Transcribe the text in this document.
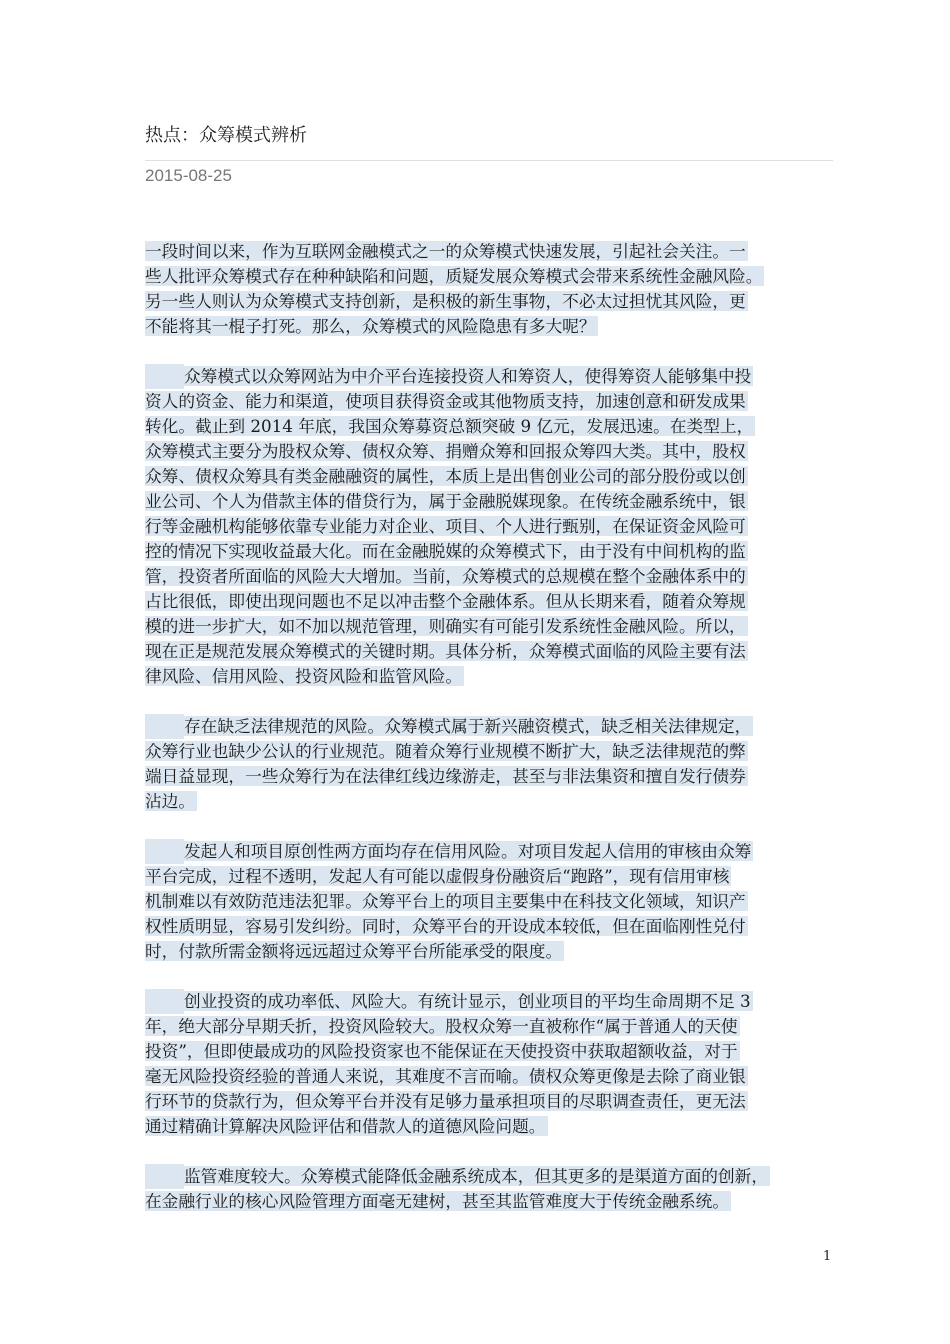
热点：众筹模式辨析
2015-08-25
一段时间以来，作为互联网金融模式之一的众筹模式快速发展，引起社会关注。一
些人批评众筹模式存在种种缺陷和问题，质疑发展众筹模式会带来系统性金融风险。
另一些人则认为众筹模式支持创新，是积极的新生事物，不必太过担忧其风险，更
不能将其一棍子打死。那么，众筹模式的风险隐患有多大呢？
众筹模式以众筹网站为中介平台连接投资人和筹资人，使得筹资人能够集中投
资人的资金、能力和渠道，使项目获得资金或其他物质支持，加速创意和研发成果
转化。截止到 2014 年底，我国众筹募资总额突破 9 亿元，发展迅速。在类型上，
众筹模式主要分为股权众筹、债权众筹、捐赠众筹和回报众筹四大类。其中，股权
众筹、债权众筹具有类金融融资的属性，本质上是出售创业公司的部分股份或以创
业公司、个人为借款主体的借贷行为，属于金融脱媒现象。在传统金融系统中，银
行等金融机构能够依靠专业能力对企业、项目、个人进行甄别，在保证资金风险可
控的情况下实现收益最大化。而在金融脱媒的众筹模式下，由于没有中间机构的监
管，投资者所面临的风险大大增加。当前，众筹模式的总规模在整个金融体系中的
占比很低，即使出现问题也不足以冲击整个金融体系。但从长期来看，随着众筹规
模的进一步扩大，如不加以规范管理，则确实有可能引发系统性金融风险。所以，
现在正是规范发展众筹模式的关键时期。具体分析，众筹模式面临的风险主要有法
律风险、信用风险、投资风险和监管风险。
存在缺乏法律规范的风险。众筹模式属于新兴融资模式，缺乏相关法律规定，
众筹行业也缺少公认的行业规范。随着众筹行业规模不断扩大，缺乏法律规范的弊
端日益显现，一些众筹行为在法律红线边缘游走，甚至与非法集资和擅自发行债券
沾边。
发起人和项目原创性两方面均存在信用风险。对项目发起人信用的审核由众筹
平台完成，过程不透明，发起人有可能以虚假身份融资后“跑路”，现有信用审核
机制难以有效防范违法犯罪。众筹平台上的项目主要集中在科技文化领域，知识产
权性质明显，容易引发纠纷。同时，众筹平台的开设成本较低，但在面临刚性兑付
时，付款所需金额将远远超过众筹平台所能承受的限度。
创业投资的成功率低、风险大。有统计显示，创业项目的平均生命周期不足 3
年，绝大部分早期夭折，投资风险较大。股权众筹一直被称作“属于普通人的天使
投资”，但即使最成功的风险投资家也不能保证在天使投资中获取超额收益，对于
毫无风险投资经验的普通人来说，其难度不言而喻。债权众筹更像是去除了商业银
行环节的贷款行为，但众筹平台并没有足够力量承担项目的尽职调查责任，更无法
通过精确计算解决风险评估和借款人的道德风险问题。
监管难度较大。众筹模式能降低金融系统成本，但其更多的是渠道方面的创新，
在金融行业的核心风险管理方面毫无建树，甚至其监管难度大于传统金融系统。
1
